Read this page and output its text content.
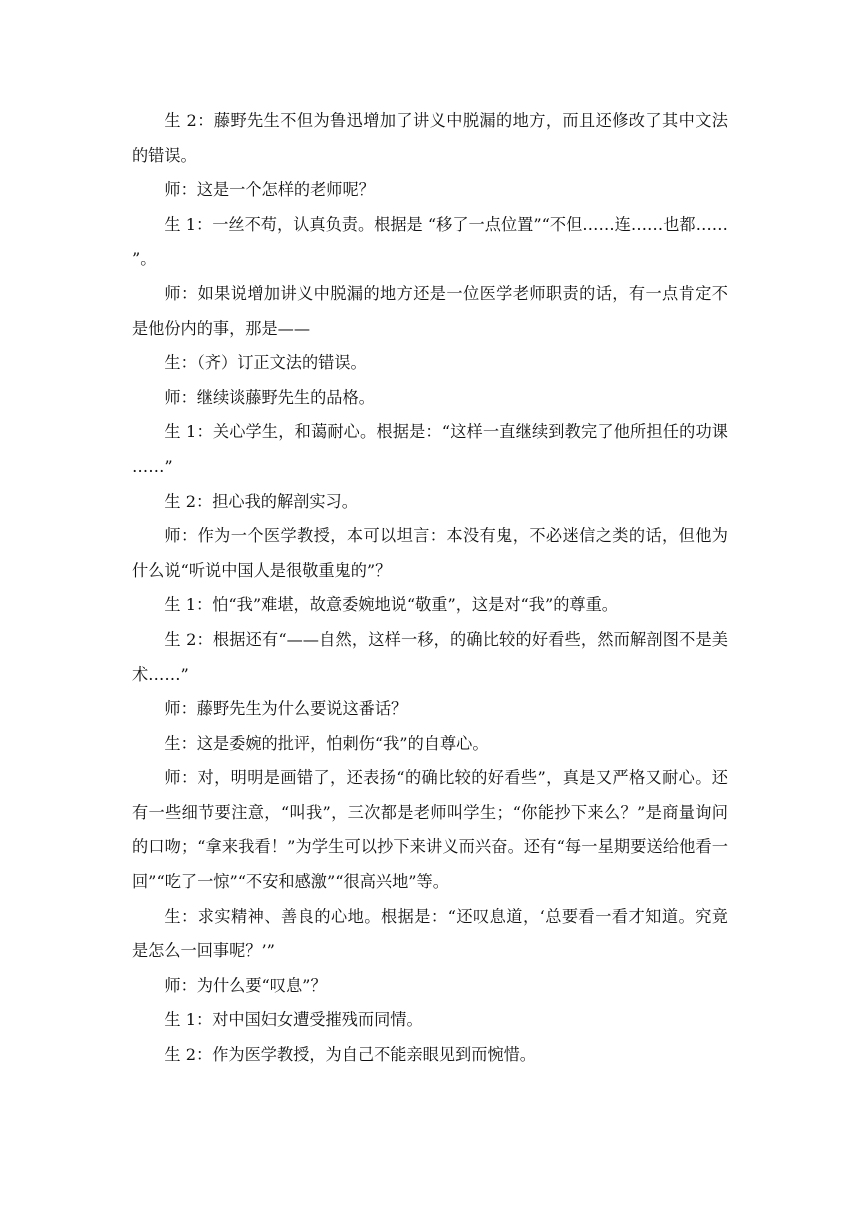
生 2：藤野先生不但为鲁迅增加了讲义中脱漏的地方，而且还修改了其中文法的错误。

师：这是一个怎样的老师呢？

生 1：一丝不苟，认真负责。根据是 “移了一点位置”“不但……连……也都……”。

师：如果说增加讲义中脱漏的地方还是一位医学老师职责的话，有一点肯定不是他份内的事，那是——

生：（齐）订正文法的错误。

师：继续谈藤野先生的品格。

生 1：关心学生，和蔼耐心。根据是：“这样一直继续到教完了他所担任的功课……”

生 2：担心我的解剖实习。

师：作为一个医学教授，本可以坦言：本没有鬼，不必迷信之类的话，但他为什么说“听说中国人是很敬重鬼的”？

生 1：怕“我”难堪，故意委婉地说“敬重”，这是对“我”的尊重。

生 2：根据还有“——自然，这样一移，的确比较的好看些，然而解剖图不是美术……”

师：藤野先生为什么要说这番话？

生：这是委婉的批评，怕刺伤“我”的自尊心。

师：对，明明是画错了，还表扬“的确比较的好看些”，真是又严格又耐心。还有一些细节要注意，“叫我”，三次都是老师叫学生；“你能抄下来么？”是商量询问的口吻；“拿来我看！”为学生可以抄下来讲义而兴奋。还有“每一星期要送给他看一回”“吃了一惊”“不安和感激”“很高兴地”等。

生：求实精神、善良的心地。根据是：“还叹息道，‘总要看一看才知道。究竟是怎么一回事呢？’”

师：为什么要“叹息”？

生 1：对中国妇女遭受摧残而同情。

生 2：作为医学教授，为自己不能亲眼见到而惋惜。
